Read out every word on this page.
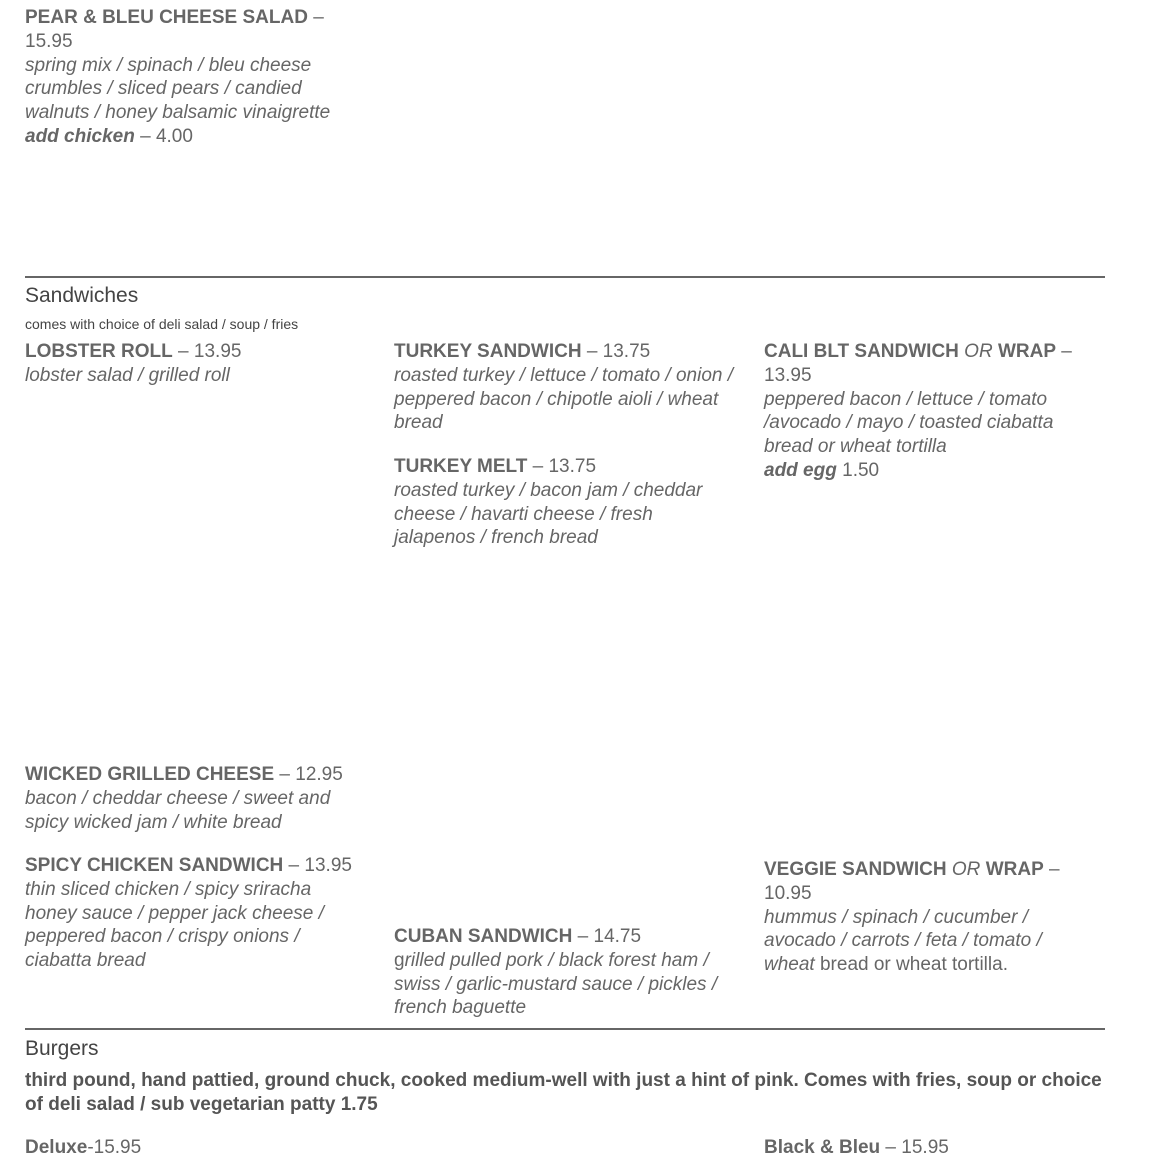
PEAR & BLEU CHEESE SALAD – 15.95
spring mix / spinach / bleu cheese crumbles / sliced pears / candied walnuts / honey balsamic vinaigrette
add chicken – 4.00
Sandwiches
comes with choice of deli salad / soup / fries
LOBSTER ROLL – 13.95
lobster salad / grilled roll
TURKEY SANDWICH – 13.75
roasted turkey / lettuce / tomato / onion / peppered bacon / chipotle aioli / wheat bread
TURKEY MELT – 13.75
roasted turkey / bacon jam / cheddar cheese / havarti cheese / fresh jalapenos / french bread
CALI BLT SANDWICH OR WRAP – 13.95
peppered bacon / lettuce / tomato /avocado / mayo / toasted ciabatta bread or wheat tortilla
add egg 1.50
WICKED GRILLED CHEESE – 12.95
bacon / cheddar cheese / sweet and spicy wicked jam / white bread
SPICY CHICKEN SANDWICH – 13.95
thin sliced chicken / spicy sriracha honey sauce / pepper jack cheese / peppered bacon / crispy onions / ciabatta bread
CUBAN SANDWICH – 14.75
grilled pulled pork / black forest ham / swiss / garlic-mustard sauce / pickles / french baguette
VEGGIE SANDWICH OR WRAP – 10.95
hummus / spinach / cucumber / avocado / carrots / feta / tomato / wheat bread or wheat tortilla.
Burgers
third pound, hand pattied, ground chuck, cooked medium-well with just a hint of pink. Comes with fries, soup or choice of deli salad / sub vegetarian patty 1.75
Deluxe-15.95	Black & Bleu – 15.95
